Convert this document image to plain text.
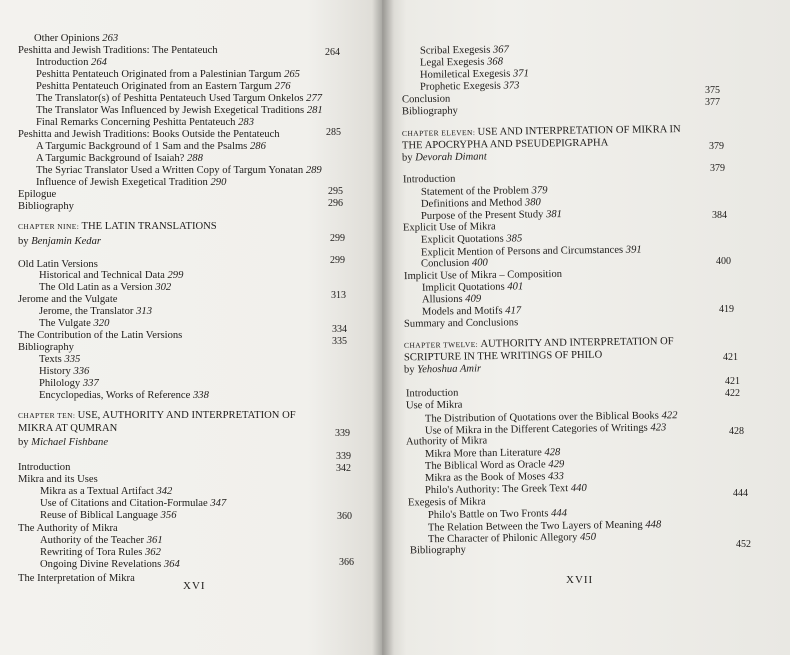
Other Opinions 263
Peshitta and Jewish Traditions: The Pentateuch
Introduction 264
Peshitta Pentateuch Originated from a Palestinian Targum 265
Peshitta Pentateuch Originated from an Eastern Targum 276
The Translator(s) of Peshitta Pentateuch Used Targum Onkelos 277
The Translator Was Influenced by Jewish Exegetical Traditions 281
Final Remarks Concerning Peshitta Pentateuch 283
Peshitta and Jewish Traditions: Books Outside the Pentateuch
A Targumic Background of 1 Sam and the Psalms 286
A Targumic Background of Isaiah? 288
The Syriac Translator Used a Written Copy of Targum Yonatan 289
Influence of Jewish Exegetical Tradition 290
Epilogue
Bibliography
CHAPTER NINE: THE LATIN TRANSLATIONS
by Benjamin Kedar
Old Latin Versions
Historical and Technical Data 299
The Old Latin as a Version 302
Jerome and the Vulgate
Jerome, the Translator 313
The Vulgate 320
The Contribution of the Latin Versions
Bibliography
Texts 335
History 336
Philology 337
Encyclopedias, Works of Reference 338
CHAPTER TEN: USE, AUTHORITY AND INTERPRETATION OF
MIKRA AT QUMRAN
by Michael Fishbane
Introduction
Mikra and its Uses
Mikra as a Textual Artifact 342
Use of Citations and Citation-Formulae 347
Reuse of Biblical Language 356
The Authority of Mikra
Authority of the Teacher 361
Rewriting of Tora Rules 362
Ongoing Divine Revelations 364
The Interpretation of Mikra
264
285
295
296
299
299
313
334
335
339
339
342
360
366
Scribal Exegesis 367
Legal Exegesis 368
Homiletical Exegesis 371
Prophetic Exegesis 373
Conclusion
Bibliography
CHAPTER ELEVEN: USE AND INTERPRETATION OF MIKRA IN
THE APOCRYPHA AND PSEUDEPIGRAPHA
by Devorah Dimant
Introduction
Statement of the Problem 379
Definitions and Method 380
Purpose of the Present Study 381
Explicit Use of Mikra
Explicit Quotations 385
Explicit Mention of Persons and Circumstances 391
Conclusion 400
Implicit Use of Mikra – Composition
Implicit Quotations 401
Allusions 409
Models and Motifs 417
Summary and Conclusions
CHAPTER TWELVE: AUTHORITY AND INTERPRETATION OF
SCRIPTURE IN THE WRITINGS OF PHILO
by Yehoshua Amir
Introduction
Use of Mikra
The Distribution of Quotations over the Biblical Books 422
Use of Mikra in the Different Categories of Writings 423
Authority of Mikra
Mikra More than Literature 428
The Biblical Word as Oracle 429
Mikra as the Book of Moses 433
Philo's Authority: The Greek Text 440
Exegesis of Mikra
Philo's Battle on Two Fronts 444
The Relation Between the Two Layers of Meaning 448
The Character of Philonic Allegory 450
Bibliography
375
377
379
379
384
400
419
421
421
422
428
444
452
XVI	XVII
